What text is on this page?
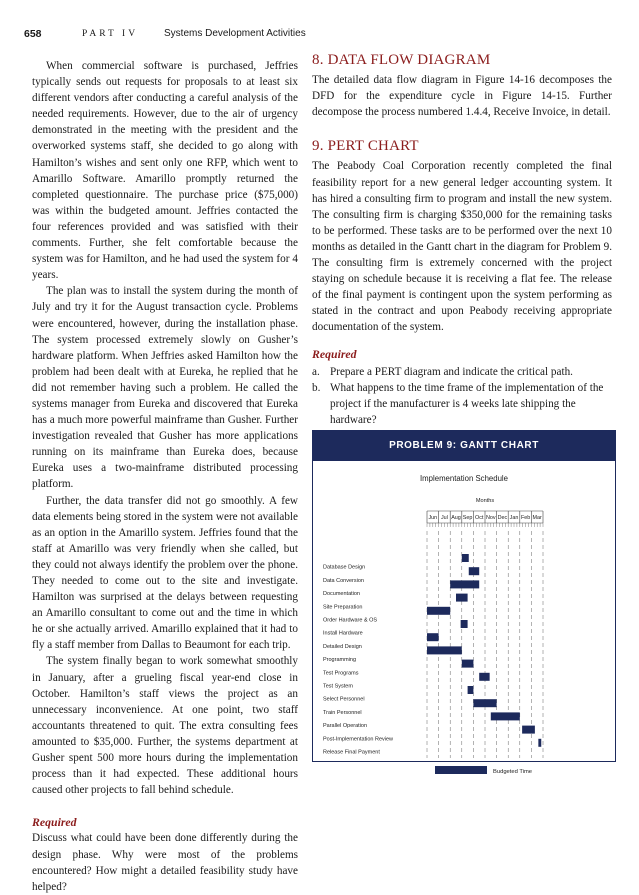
658	PART IV	Systems Development Activities

When commercial software is purchased, Jeffries typically sends out requests for proposals to at least six different vendors after conducting a careful analysis of the needed requirements. However, due to the air of urgency demonstrated in the meeting with the president and the overworked systems staff, she decided to go along with Hamilton’s wishes and sent only one RFP, which went to Amarillo Software. Amarillo promptly returned the completed questionnaire. The purchase price ($75,000) was within the budgeted amount. Jeffries contacted the four references provided and was satisfied with their comments. Further, she felt comfortable because the system was for Hamilton, and he had used the system for 4 years.

The plan was to install the system during the month of July and try it for the August transaction cycle. Problems were encountered, however, during the installation phase. The system processed extremely slowly on Gusher’s hardware platform. When Jeffries asked Hamilton how the problem had been dealt with at Eureka, he replied that he did not remember having such a problem. He called the systems manager from Eureka and discovered that Eureka has a much more powerful mainframe than Gusher. Further investigation revealed that Gusher has more applications running on its mainframe than Eureka does, because Eureka uses a two-mainframe distributed processing platform.

Further, the data transfer did not go smoothly. A few data elements being stored in the system were not available as an option in the Amarillo system. Jeffries found that the staff at Amarillo was very friendly when she called, but they could not always identify the problem over the phone. They needed to come out to the site and investigate. Hamilton was surprised at the delays between requesting an Amarillo consultant to come out and the time in which he or she actually arrived. Amarillo explained that it had to fly a staff member from Dallas to Beaumont for each trip.

The system finally began to work somewhat smoothly in January, after a grueling fiscal year-end close in October. Hamilton’s staff views the project as an unnecessary inconvenience. At one point, two staff accountants threatened to quit. The extra consulting fees amounted to $35,000. Further, the systems department at Gusher spent 500 more hours during the implementation process than it had expected. These additional hours caused other projects to fall behind schedule.

Required

Discuss what could have been done differently during the design phase. Why were most of the problems encountered? How might a detailed feasibility study have helped?

8. DATA FLOW DIAGRAM

The detailed data flow diagram in Figure 14-16 decomposes the DFD for the expenditure cycle in Figure 14-15. Further decompose the process numbered 1.4.4, Receive Invoice, in detail.

9. PERT CHART

The Peabody Coal Corporation recently completed the final feasibility report for a new general ledger accounting system. It has hired a consulting firm to program and install the new system. The consulting firm is charging $350,000 for the remaining tasks to be performed. These tasks are to be performed over the next 10 months as detailed in the Gantt chart in the diagram for Problem 9. The consulting firm is extremely concerned with the project staying on schedule because it is receiving a flat fee. The release of the final payment is contingent upon the system performing as stated in the contract and upon Peabody receiving appropriate documentation of the system.

Required
a. Prepare a PERT diagram and indicate the critical path.
b. What happens to the time frame of the implementation of the project if the manufacturer is 4 weeks late shipping the hardware?
PROBLEM 9: GANTT CHART
Implementation Schedule
Months
Jun Jul Aug Sep Oct Nov Dec Jan Feb Mar
Database Design
Data Conversion
Documentation
Site Preparation
Order Hardware & OS
Install Hardware
Detailed Design
Programming
Test Programs
Test System
Select Personnel
Train Personnel
Parallel Operation
Post-Implementation Review
Release Final Payment
Budgeted Time
